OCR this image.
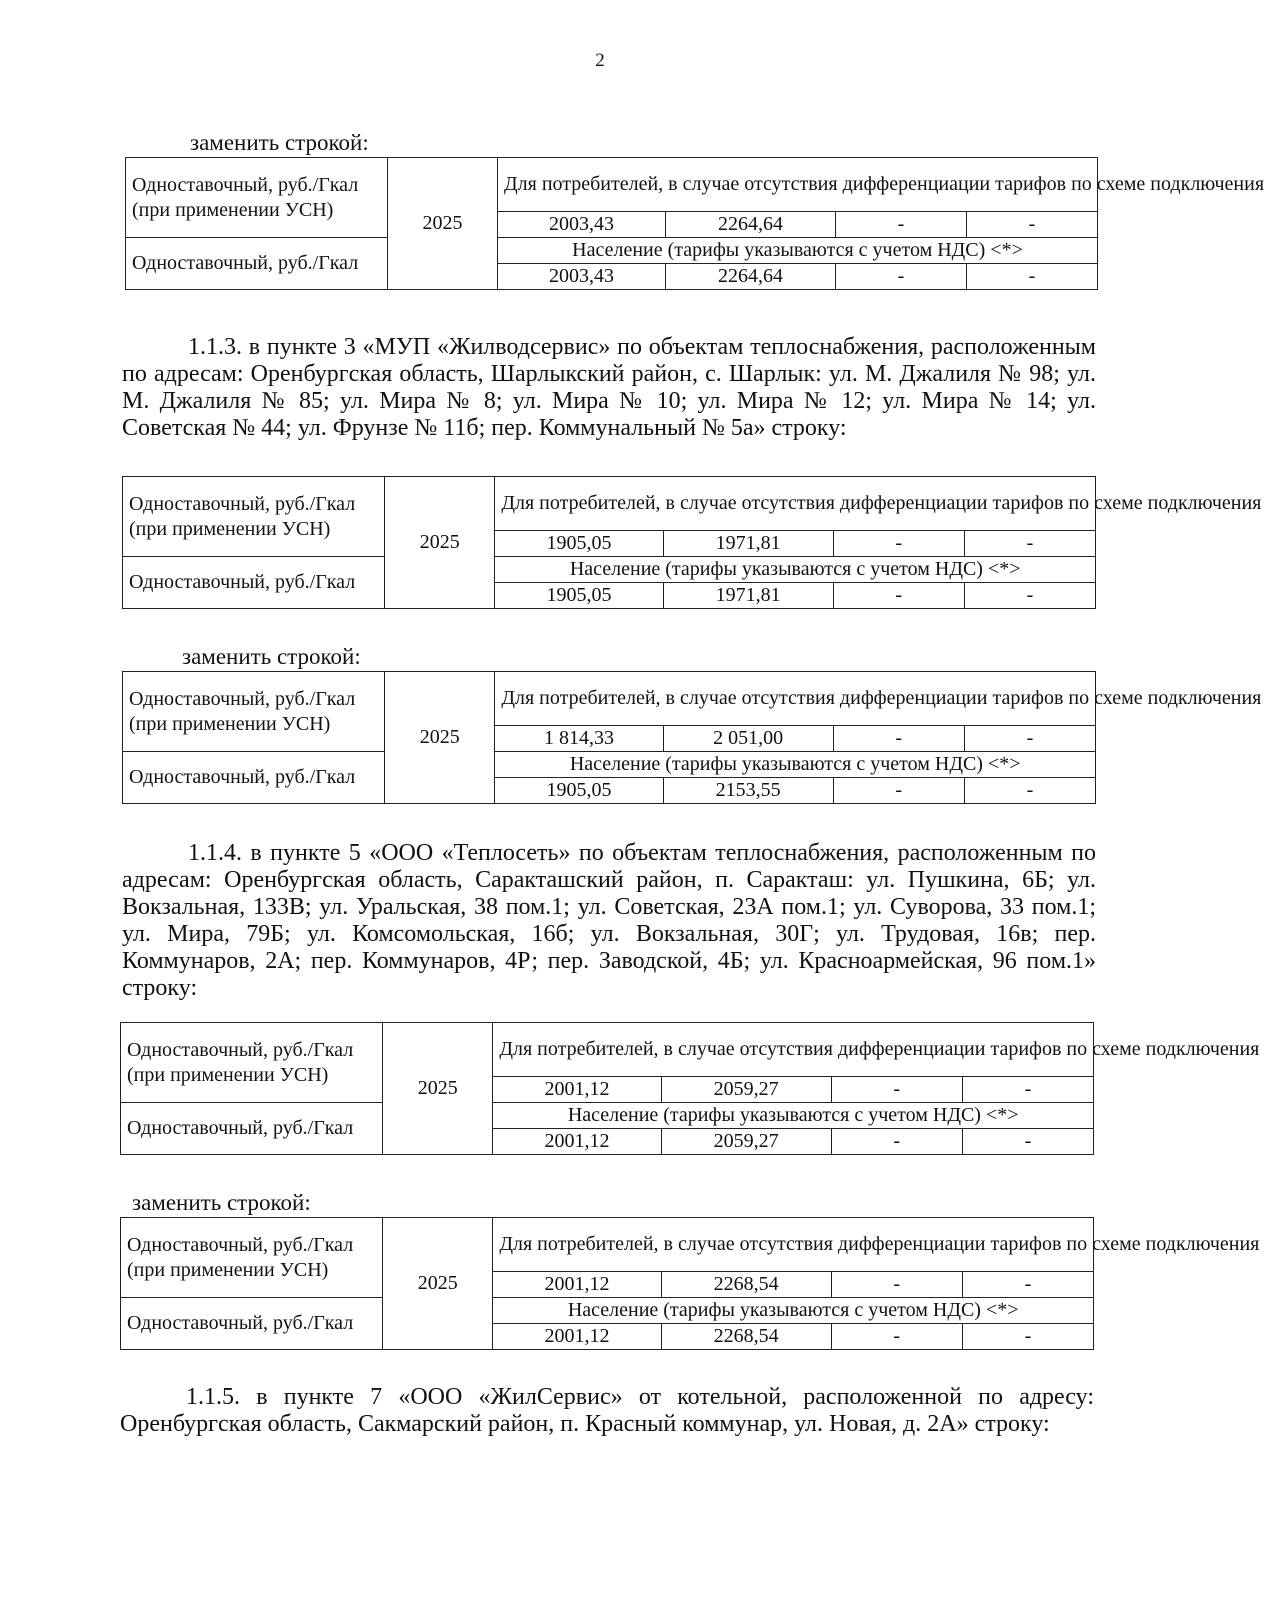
2
заменить строкой:
Одноставочный, руб./Гкал (при применении УСН)	2025	Для потребителей, в случае отсутствия дифференциации тарифов по схеме подключения			
		2003,43	2264,64	-	-
Одноставочный, руб./Гкал		Население (тарифы указываются с учетом НДС) <*>			
		2003,43	2264,64	-	-

1.1.3. в пункте 3 «МУП «Жилводсервис» по объектам теплоснабжения, расположенным по адресам: Оренбургская область, Шарлыкский район, с. Шарлык: ул. М. Джалиля № 98; ул. М. Джалиля № 85; ул. Мира № 8; ул. Мира № 10; ул. Мира № 12; ул. Мира № 14; ул. Советская № 44; ул. Фрунзе № 11б; пер. Коммунальный № 5а» строку:

Одноставочный, руб./Гкал (при применении УСН)	2025	Для потребителей, в случае отсутствия дифференциации тарифов по схеме подключения			
		1905,05	1971,81	-	-
Одноставочный, руб./Гкал		Население (тарифы указываются с учетом НДС) <*>			
		1905,05	1971,81	-	-
заменить строкой:
Одноставочный, руб./Гкал (при применении УСН)	2025	Для потребителей, в случае отсутствия дифференциации тарифов по схеме подключения			
		1 814,33	2 051,00	-	-
Одноставочный, руб./Гкал		Население (тарифы указываются с учетом НДС) <*>			
		1905,05	2153,55	-	-

1.1.4. в пункте 5 «ООО «Теплосеть» по объектам теплоснабжения, расположенным по адресам: Оренбургская область, Саракташский район, п. Саракташ: ул. Пушкина, 6Б; ул. Вокзальная, 133В; ул. Уральская, 38 пом.1; ул. Советская, 23А пом.1; ул. Суворова, 33 пом.1; ул. Мира, 79Б; ул. Комсомольская, 16б; ул. Вокзальная, 30Г; ул. Трудовая, 16в; пер. Коммунаров, 2А; пер. Коммунаров, 4Р; пер. Заводской, 4Б; ул. Красноармейская, 96 пом.1» строку:

Одноставочный, руб./Гкал (при применении УСН)	2025	Для потребителей, в случае отсутствия дифференциации тарифов по схеме подключения			
		2001,12	2059,27	-	-
Одноставочный, руб./Гкал		Население (тарифы указываются с учетом НДС) <*>			
		2001,12	2059,27	-	-
заменить строкой:
Одноставочный, руб./Гкал (при применении УСН)	2025	Для потребителей, в случае отсутствия дифференциации тарифов по схеме подключения			
		2001,12	2268,54	-	-
Одноставочный, руб./Гкал		Население (тарифы указываются с учетом НДС) <*>			
		2001,12	2268,54	-	-

1.1.5. в пункте 7 «ООО «ЖилСервис» от котельной, расположенной по адресу: Оренбургская область, Сакмарский район, п. Красный коммунар, ул. Новая, д. 2А» строку:
